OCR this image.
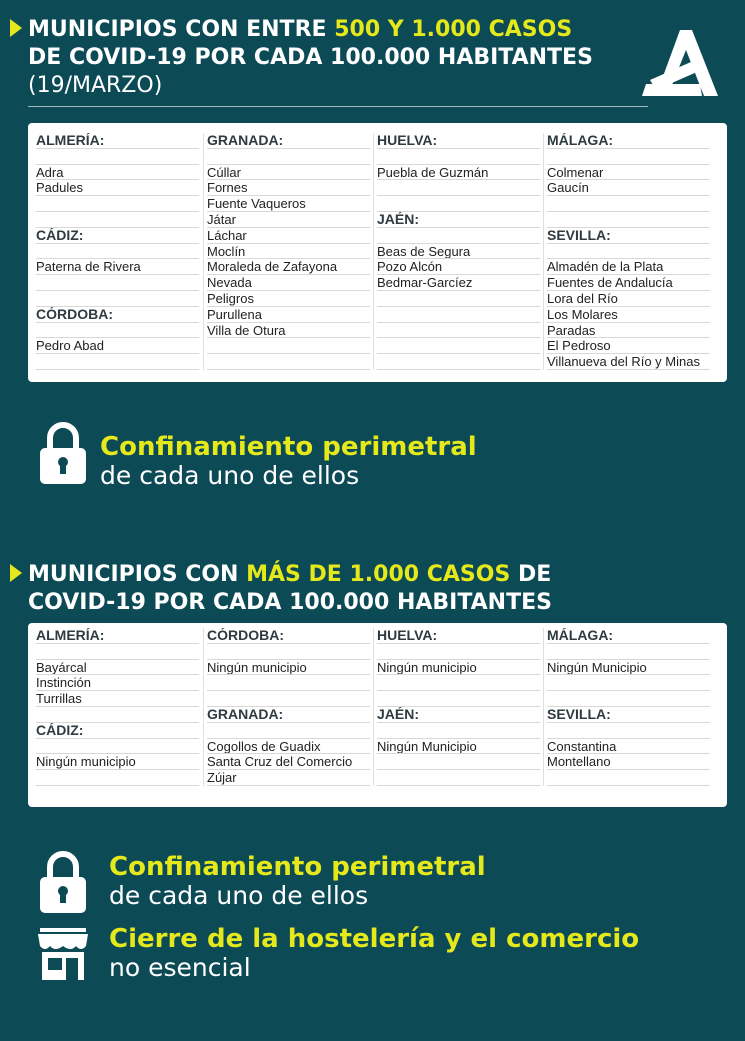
MUNICIPIOS CON ENTRE 500 Y 1.000 CASOS
DE COVID-19 POR CADA 100.000 HABITANTES
(19/MARZO)
ALMERÍA:
Adra
Padules
CÁDIZ:
Paterna de Rivera
CÓRDOBA:
Pedro Abad
GRANADA:
Cúllar
Fornes
Fuente Vaqueros
Játar
Láchar
Moclín
Moraleda de Zafayona
Nevada
Peligros
Purullena
Villa de Otura
HUELVA:
Puebla de Guzmán
JAÉN:
Beas de Segura
Pozo Alcón
Bedmar-Garcíez
MÁLAGA:
Colmenar
Gaucín
SEVILLA:
Almadén de la Plata
Fuentes de Andalucía
Lora del Río
Los Molares
Paradas
El Pedroso
Villanueva del Río y Minas
Confinamiento perimetral
de cada uno de ellos
MUNICIPIOS CON MÁS DE 1.000 CASOS DE
COVID-19 POR CADA 100.000 HABITANTES
ALMERÍA:
Bayárcal
Instinción
Turrillas
CÁDIZ:
Ningún municipio
CÓRDOBA:
Ningún municipio
GRANADA:
Cogollos de Guadix
Santa Cruz del Comercio
Zújar
HUELVA:
Ningún municipio
JAÉN:
Ningún Municipio
MÁLAGA:
Ningún Municipio
SEVILLA:
Constantina
Montellano
Confinamiento perimetral
de cada uno de ellos
Cierre de la hostelería y el comercio
no esencial
